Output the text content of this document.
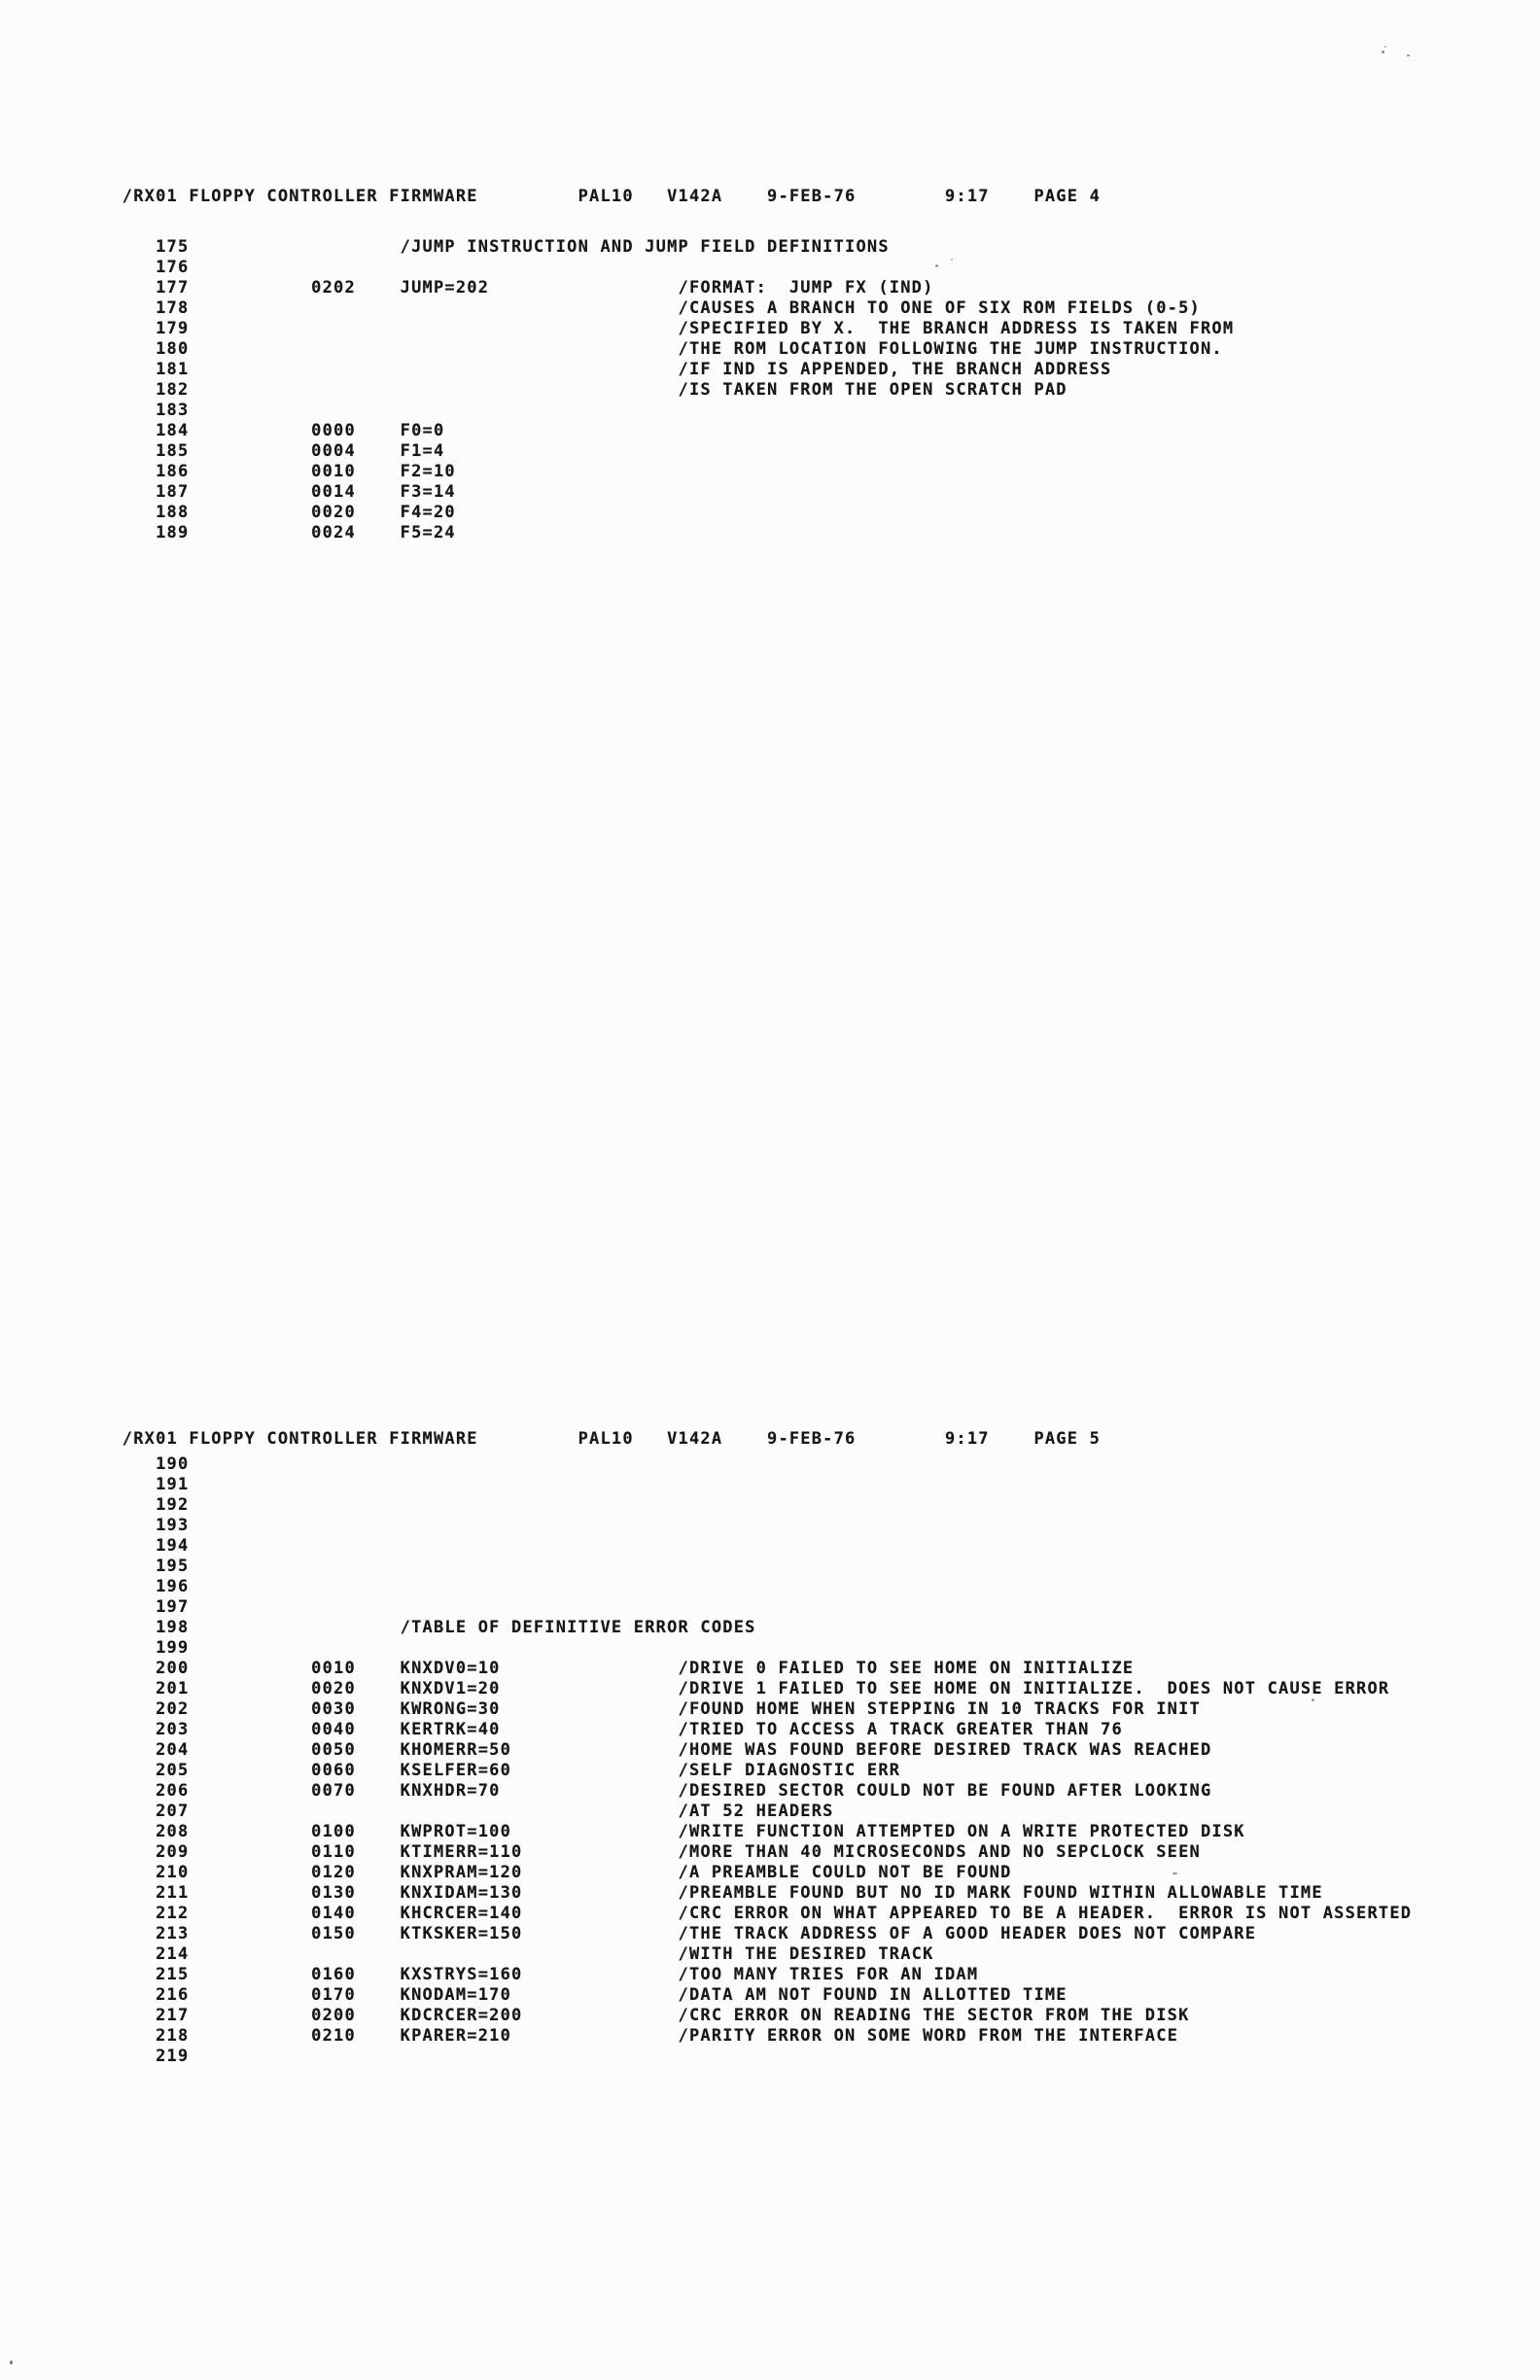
/RX01 FLOPPY CONTROLLER FIRMWARE         PAL10   V142A    9-FEB-76        9:17    PAGE 4
175                   /JUMP INSTRUCTION AND JUMP FIELD DEFINITIONS
176
177           0202    JUMP=202                 /FORMAT:  JUMP FX (IND)
178                                            /CAUSES A BRANCH TO ONE OF SIX ROM FIELDS (0-5)
179                                            /SPECIFIED BY X.  THE BRANCH ADDRESS IS TAKEN FROM
180                                            /THE ROM LOCATION FOLLOWING THE JUMP INSTRUCTION.
181                                            /IF IND IS APPENDED, THE BRANCH ADDRESS
182                                            /IS TAKEN FROM THE OPEN SCRATCH PAD
183
184           0000    F0=0
185           0004    F1=4
186           0010    F2=10
187           0014    F3=14
188           0020    F4=20
189           0024    F5=24
/RX01 FLOPPY CONTROLLER FIRMWARE         PAL10   V142A    9-FEB-76        9:17    PAGE 5
190
191
192
193
194
195
196
197
198                   /TABLE OF DEFINITIVE ERROR CODES
199
200           0010    KNXDV0=10                /DRIVE 0 FAILED TO SEE HOME ON INITIALIZE
201           0020    KNXDV1=20                /DRIVE 1 FAILED TO SEE HOME ON INITIALIZE.  DOES NOT CAUSE ERROR
202           0030    KWRONG=30                /FOUND HOME WHEN STEPPING IN 10 TRACKS FOR INIT
203           0040    KERTRK=40                /TRIED TO ACCESS A TRACK GREATER THAN 76
204           0050    KHOMERR=50               /HOME WAS FOUND BEFORE DESIRED TRACK WAS REACHED
205           0060    KSELFER=60               /SELF DIAGNOSTIC ERR
206           0070    KNXHDR=70                /DESIRED SECTOR COULD NOT BE FOUND AFTER LOOKING
207                                            /AT 52 HEADERS
208           0100    KWPROT=100               /WRITE FUNCTION ATTEMPTED ON A WRITE PROTECTED DISK
209           0110    KTIMERR=110              /MORE THAN 40 MICROSECONDS AND NO SEPCLOCK SEEN
210           0120    KNXPRAM=120              /A PREAMBLE COULD NOT BE FOUND
211           0130    KNXIDAM=130              /PREAMBLE FOUND BUT NO ID MARK FOUND WITHIN ALLOWABLE TIME
212           0140    KHCRCER=140              /CRC ERROR ON WHAT APPEARED TO BE A HEADER.  ERROR IS NOT ASSERTED
213           0150    KTKSKER=150              /THE TRACK ADDRESS OF A GOOD HEADER DOES NOT COMPARE
214                                            /WITH THE DESIRED TRACK
215           0160    KXSTRYS=160              /TOO MANY TRIES FOR AN IDAM
216           0170    KNODAM=170               /DATA AM NOT FOUND IN ALLOTTED TIME
217           0200    KDCRCER=200              /CRC ERROR ON READING THE SECTOR FROM THE DISK
218           0210    KPARER=210               /PARITY ERROR ON SOME WORD FROM THE INTERFACE
219
